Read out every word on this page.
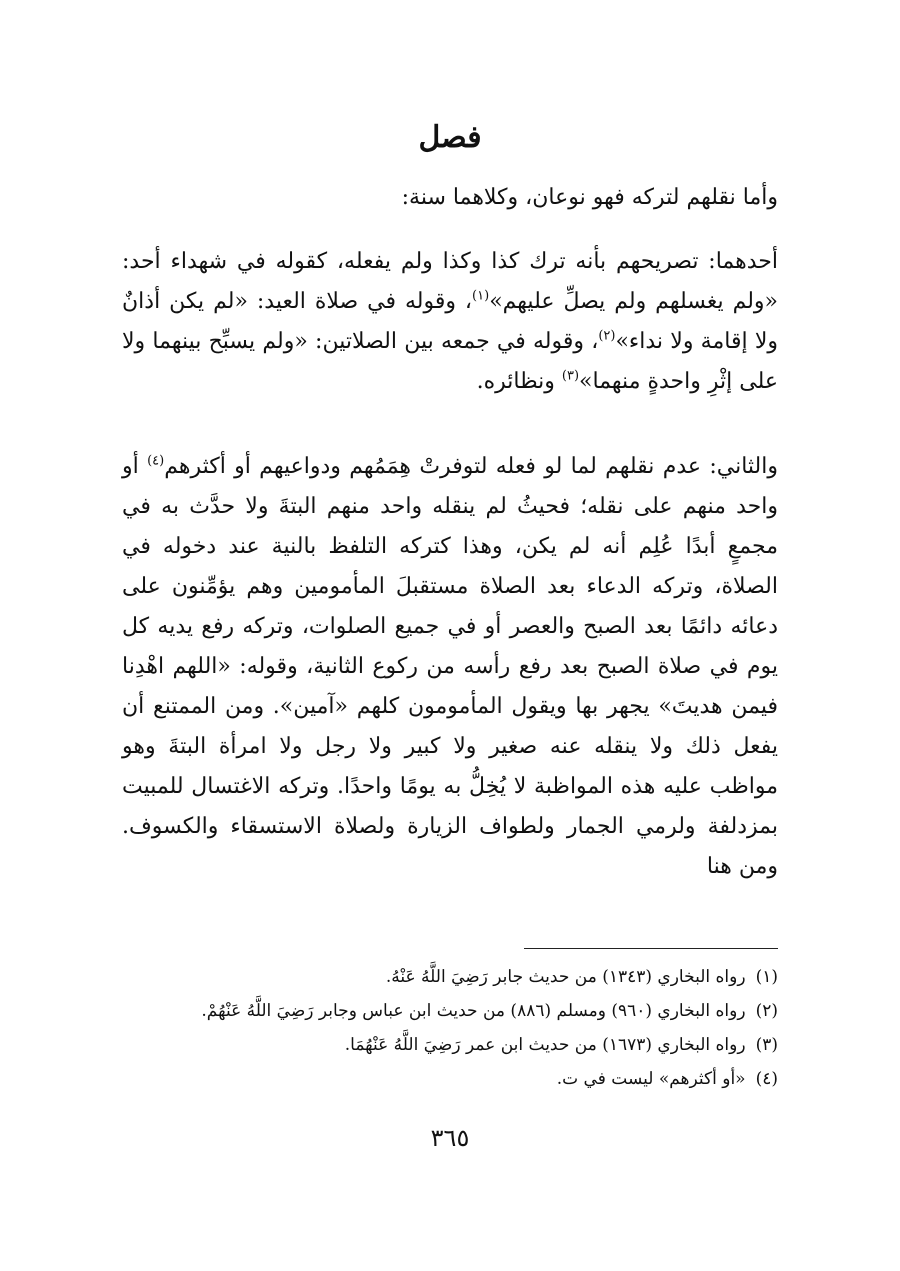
فصل

وأما نقلهم لتركه فهو نوعان، وكلاهما سنة:

أحدهما: تصريحهم بأنه ترك كذا وكذا ولم يفعله، كقوله في شهداء أحد: «ولم يغسلهم ولم يصلِّ عليهم»$^{(١)}$، وقوله في صلاة العيد: «لم يكن أذانٌ ولا إقامة ولا نداء»$^{(٢)}$، وقوله في جمعه بين الصلاتين: «ولم يسبِّح بينهما ولا على إثْرِ واحدةٍ منهما»$^{(٣)}$ ونظائره.

والثاني: عدم نقلهم لما لو فعله لتوفرتْ هِمَمُهم ودواعيهم أو أكثرهم$^{(٤)}$ أو واحد منهم على نقله؛ فحيثُ لم ينقله واحد منهم البتةَ ولا حدَّث به في مجمعٍ أبدًا عُلِم أنه لم يكن، وهذا كتركه التلفظ بالنية عند دخوله في الصلاة، وتركه الدعاء بعد الصلاة مستقبلَ المأمومين وهم يؤمِّنون على دعائه دائمًا بعد الصبح والعصر أو في جميع الصلوات، وتركه رفع يديه كل يوم في صلاة الصبح بعد رفع رأسه من ركوع الثانية، وقوله: «اللهم اهْدِنا فيمن هديتَ» يجهر بها ويقول المأمومون كلهم «آمين». ومن الممتنع أن يفعل ذلك ولا ينقله عنه صغير ولا كبير ولا رجل ولا امرأة البتةَ وهو مواظب عليه هذه المواظبة لا يُخِلُّ به يومًا واحدًا. وتركه الاغتسال للمبيت بمزدلفة ولرمي الجمار ولطواف الزيارة ولصلاة الاستسقاء والكسوف. ومن هنا

(١)رواه البخاري (١٣٤٣) من حديث جابر رَضِيَ اللَّهُ عَنْهُ.
(٢)رواه البخاري (٩٦٠) ومسلم (٨٨٦) من حديث ابن عباس وجابر رَضِيَ اللَّهُ عَنْهُمْ.
(٣)رواه البخاري (١٦٧٣) من حديث ابن عمر رَضِيَ اللَّهُ عَنْهُمَا.
(٤)«أو أكثرهم» ليست في ت.

٣٦٥
